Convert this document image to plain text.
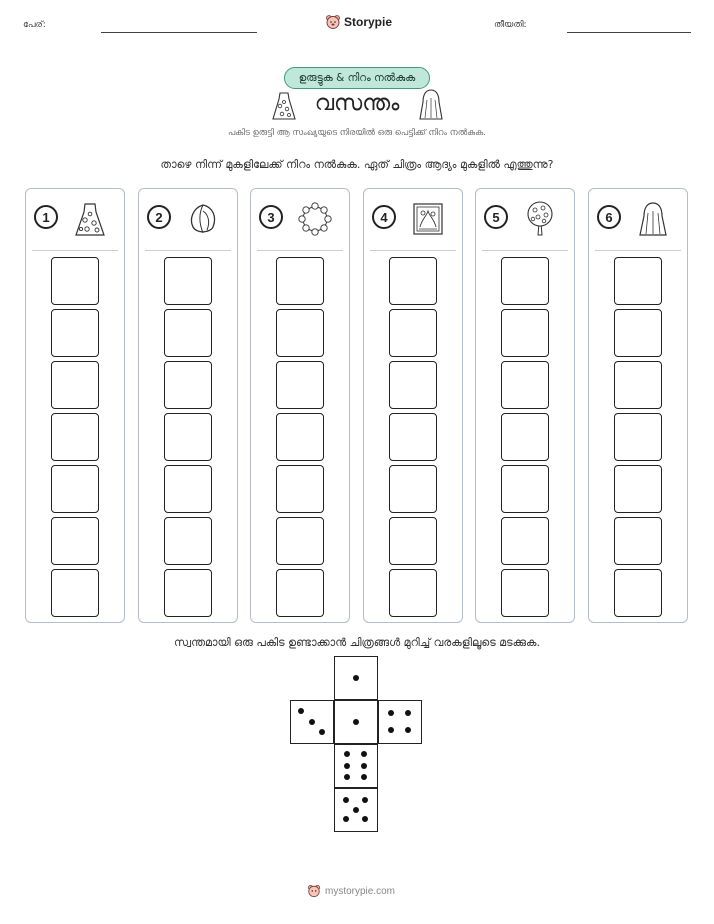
പേര്:	Storypie	തീയതി:
ഉരുട്ടുക & നിറം നൽകുക
വസന്തം
പകിട ഉരുട്ടി ആ സംഖ്യയുടെ നിരയിൽ ഒരു പെട്ടിക്ക് നിറം നൽകുക.
താഴെ നിന്ന് മുകളിലേക്ക് നിറം നൽകുക. ഏത് ചിത്രം ആദ്യം മുകളിൽ എത്തുന്നു?
1	2	3	4	5	6
സ്വന്തമായി ഒരു പകിട ഉണ്ടാക്കാൻ ചിത്രങ്ങൾ മുറിച്ച് വരകളിലൂടെ മടക്കുക.
mystorypie.com
